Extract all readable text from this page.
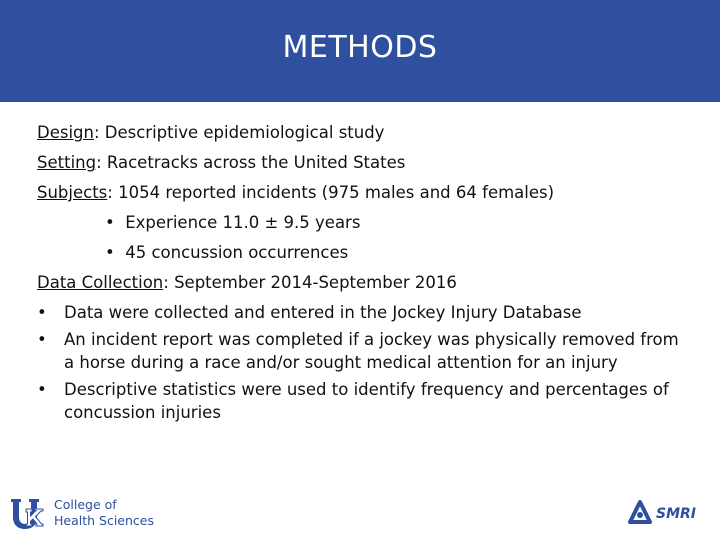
METHODS
Design: Descriptive epidemiological study
Setting: Racetracks across the United States
Subjects: 1054 reported incidents (975 males and 64 females)
• Experience 11.0 ± 9.5 years
• 45 concussion occurrences
Data Collection: September 2014-September 2016
• Data were collected and entered in the Jockey Injury Database
• An incident report was completed if a jockey was physically removed from a horse during a race and/or sought medical attention for an injury
• Descriptive statistics were used to identify frequency and percentages of concussion injuries
College of
Health Sciences	SMRI
